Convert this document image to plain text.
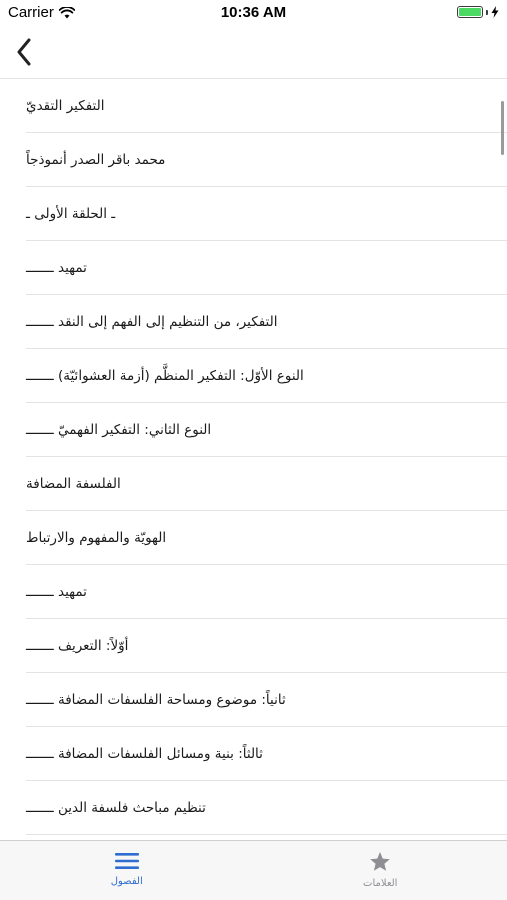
Carrier	10:36 AM
التفكير التقديّ
محمد باقر الصدر أنموذجاً
ـ الحلقة الأولى ـ
تمهيد ـــــــ
التفكير، من التنظيم إلى الفهم إلى النقد ـــــــ
النوع الأوّل: التفكير المنظَّم (أزمة العشوائيّة) ـــــــ
النوع الثاني: التفكير الفهميّ ـــــــ
الفلسفة المضافة
الهويّة والمفهوم والارتباط
تمهيد ـــــــ
أوّلاً: التعريف ـــــــ
ثانياً: موضوع ومساحة الفلسفات المضافة ـــــــ
ثالثاً: بنية ومسائل الفلسفات المضافة ـــــــ
تنظيم مباحث فلسفة الدين ـــــــ
الفصول	العلامات
